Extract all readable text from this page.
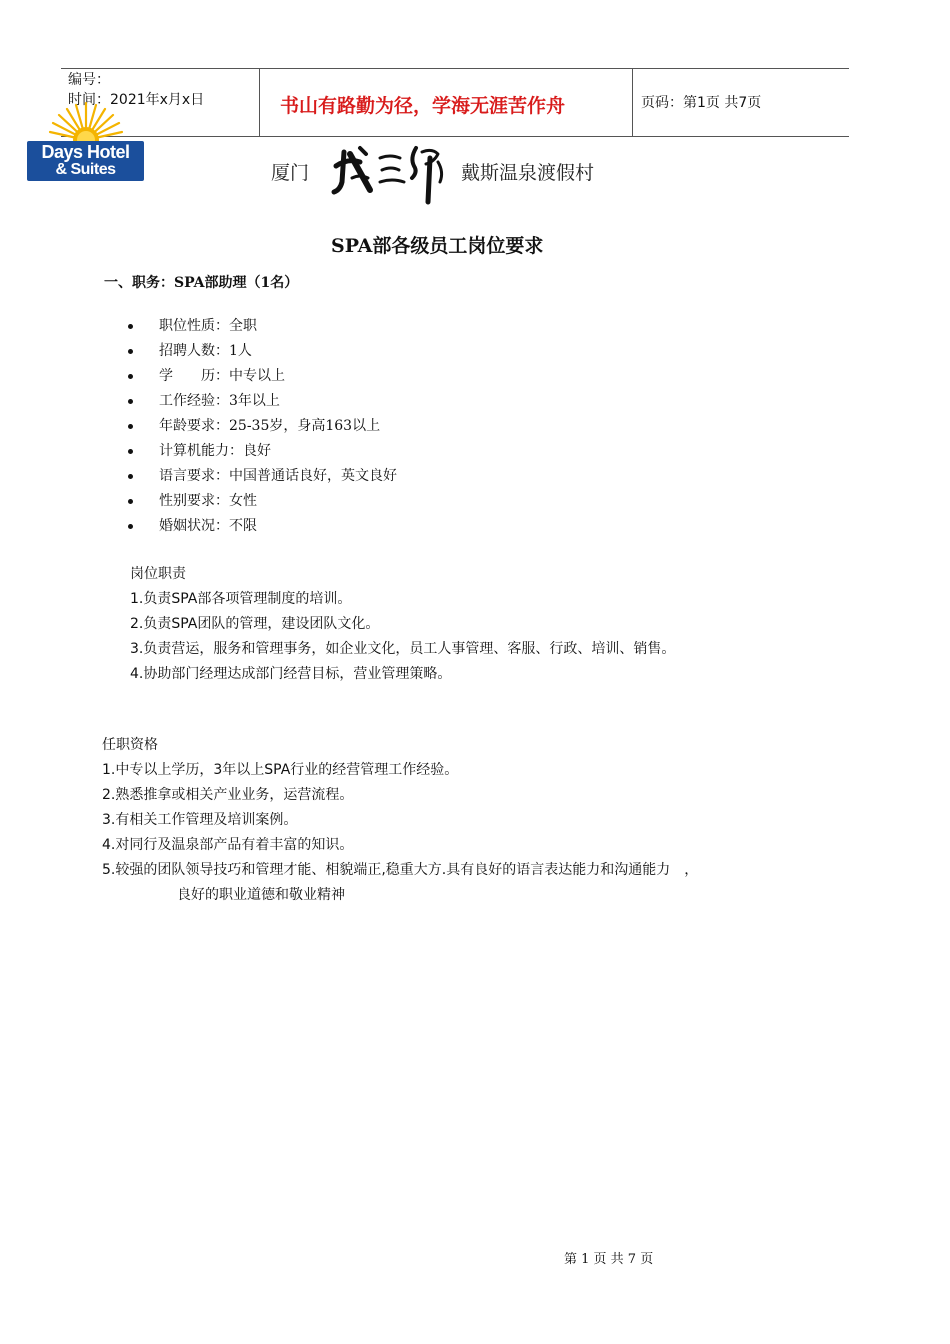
编号：
时间：2021年x月x日	书山有路勤为径，学海无涯苦作舟	页码：第1页 共7页
Days Hotel
& Suites	厦门	戴斯温泉渡假村
SPA部各级员工岗位要求
一、职务：SPA部助理（1名）
职位性质：全职
招聘人数：1人
学　　历：中专以上
工作经验：3年以上
年龄要求：25-35岁，身高163以上
计算机能力：良好
语言要求：中国普通话良好，英文良好
性别要求：女性
婚姻状况：不限
岗位职责
1.负责SPA部各项管理制度的培训。
2.负责SPA团队的管理，建设团队文化。
3.负责营运，服务和管理事务，如企业文化，员工人事管理、客服、行政、培训、销售。
4.协助部门经理达成部门经营目标，营业管理策略。
任职资格
1.中专以上学历，3年以上SPA行业的经营管理工作经验。
2.熟悉推拿或相关产业业务，运营流程。
3.有相关工作管理及培训案例。
4.对同行及温泉部产品有着丰富的知识。
5.较强的团队领导技巧和管理才能、相貌端正,稳重大方.具有良好的语言表达能力和沟通能力　，
良好的职业道德和敬业精神
第 1 页 共 7 页
